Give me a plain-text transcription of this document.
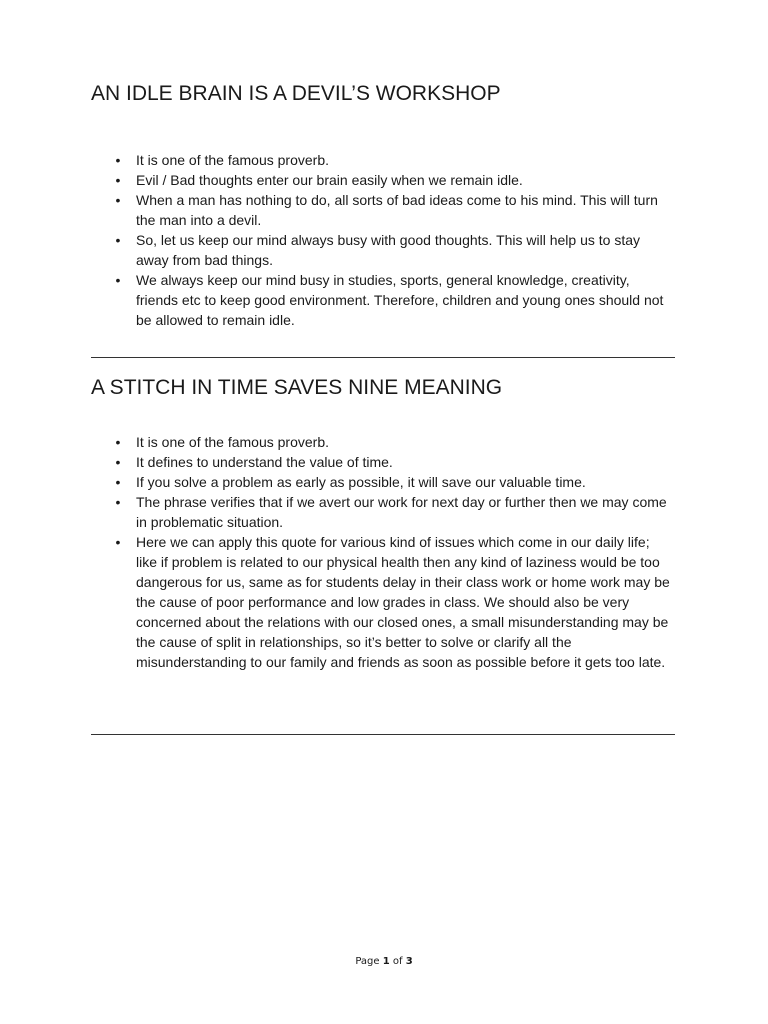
AN IDLE BRAIN IS A DEVIL’S WORKSHOP
• It is one of the famous proverb.
• Evil / Bad thoughts enter our brain easily when we remain idle.
• When a man has nothing to do, all sorts of bad ideas come to his mind. This will turn the man into a devil.
• So, let us keep our mind always busy with good thoughts. This will help us to stay away from bad things.
• We always keep our mind busy in studies, sports, general knowledge, creativity, friends etc to keep good environment. Therefore, children and young ones should not be allowed to remain idle.
A STITCH IN TIME SAVES NINE MEANING
• It is one of the famous proverb.
• It defines to understand the value of time.
• If you solve a problem as early as possible, it will save our valuable time.
• The phrase verifies that if we avert our work for next day or further then we may come in problematic situation.
• Here we can apply this quote for various kind of issues which come in our daily life; like if problem is related to our physical health then any kind of laziness would be too dangerous for us, same as for students delay in their class work or home work may be the cause of poor performance and low grades in class. We should also be very concerned about the relations with our closed ones, a small misunderstanding may be the cause of split in relationships, so it’s better to solve or clarify all the misunderstanding to our family and friends as soon as possible before it gets too late.
Page 1 of 3
